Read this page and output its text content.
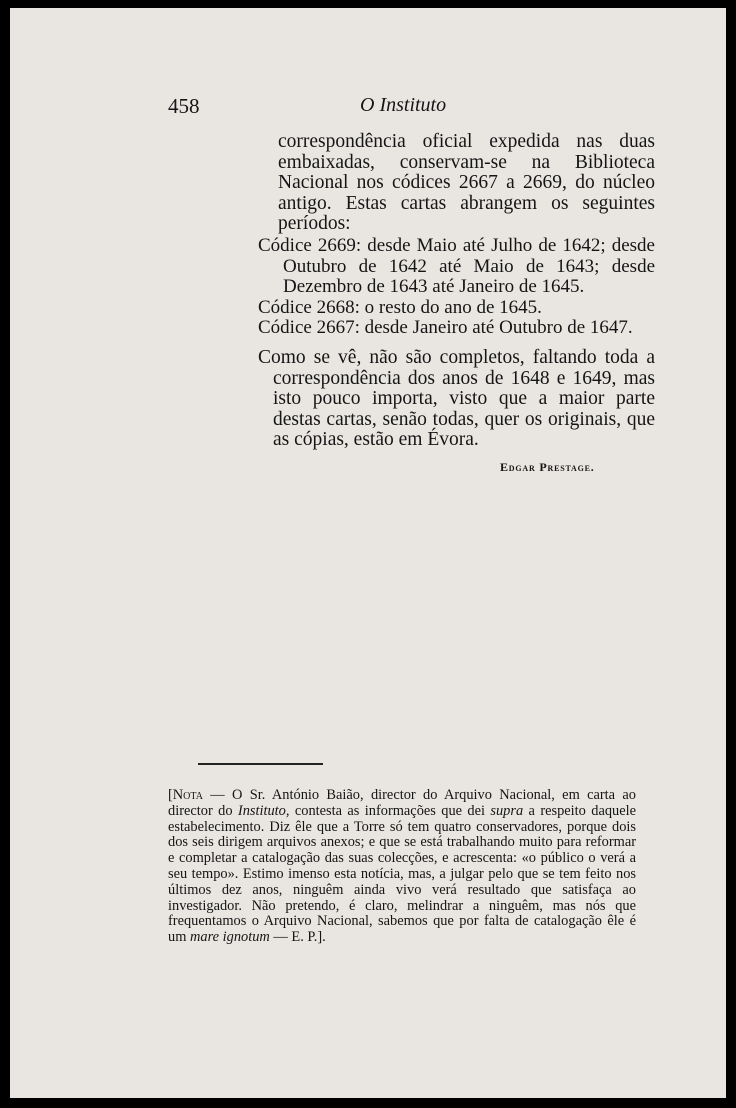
458	O Instituto

correspondência oficial expedida nas duas embaixadas, conservam-se na Biblioteca Nacional nos códices 2667 a 2669, do núcleo antigo. Estas cartas abrangem os seguintes períodos:

Códice 2669: desde Maio até Julho de 1642; desde Outubro de 1642 até Maio de 1643; desde Dezembro de 1643 até Janeiro de 1645.

Códice 2668: o resto do ano de 1645.

Códice 2667: desde Janeiro até Outubro de 1647.

Como se vê, não são completos, faltando toda a correspondência dos anos de 1648 e 1649, mas isto pouco importa, visto que a maior parte destas cartas, senão todas, quer os originais, que as cópias, estão em Évora.

Edgar Prestage.

[Nota — O Sr. António Baião, director do Arquivo Nacional, em carta ao director do Instituto, contesta as informações que dei supra a respeito daquele estabelecimento. Diz êle que a Torre só tem quatro conservadores, porque dois dos seis dirigem arquivos anexos; e que se está trabalhando muito para reformar e completar a catalogação das suas colecções, e acrescenta: «o público o verá a seu tempo». Estimo imenso esta notícia, mas, a julgar pelo que se tem feito nos últimos dez anos, ninguêm ainda vivo verá resultado que satisfaça ao investigador. Não pretendo, é claro, melindrar a ninguêm, mas nós que frequentamos o Arquivo Nacional, sabemos que por falta de catalogação êle é um mare ignotum — E. P.].
